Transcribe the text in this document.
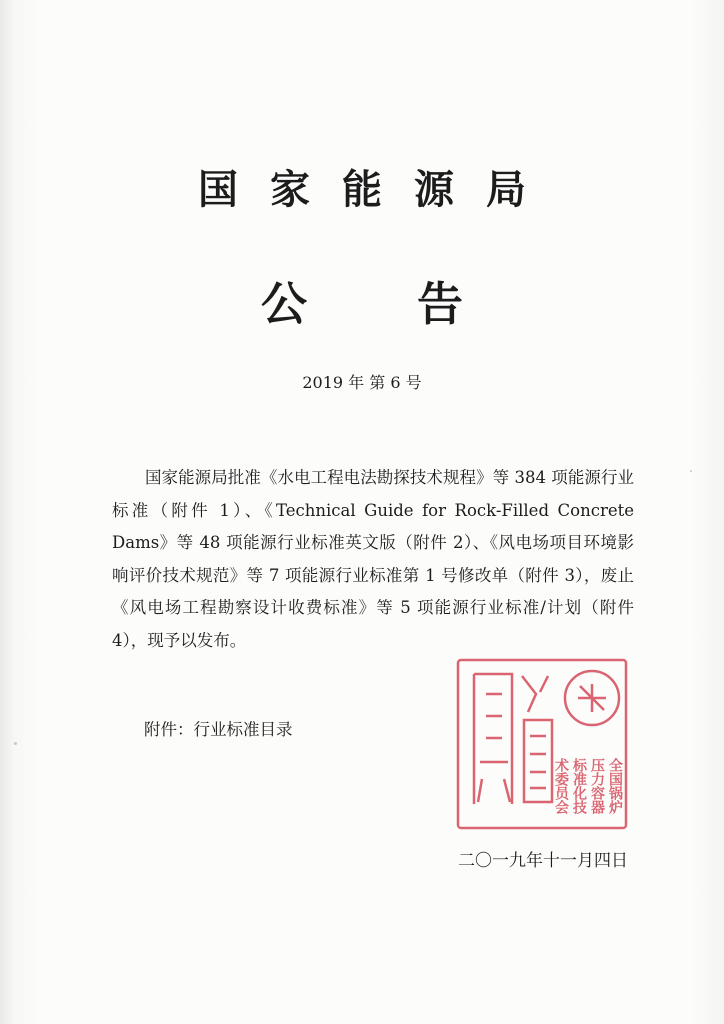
国家能源局
公告
2019 年 第 6 号
国家能源局批准《水电工程电法勘探技术规程》等 384 项能源行业标准（附件 1）、《Technical Guide for Rock-Filled Concrete Dams》等 48 项能源行业标准英文版（附件 2）、《风电场项目环境影响评价技术规范》等 7 项能源行业标准第 1 号修改单（附件 3），废止《风电场工程勘察设计收费标准》等 5 项能源行业标准/计划（附件 4），现予以发布。
附件：行业标准目录
全国锅炉
压力容器
标准化技
术委员会
二〇一九年十一月四日
